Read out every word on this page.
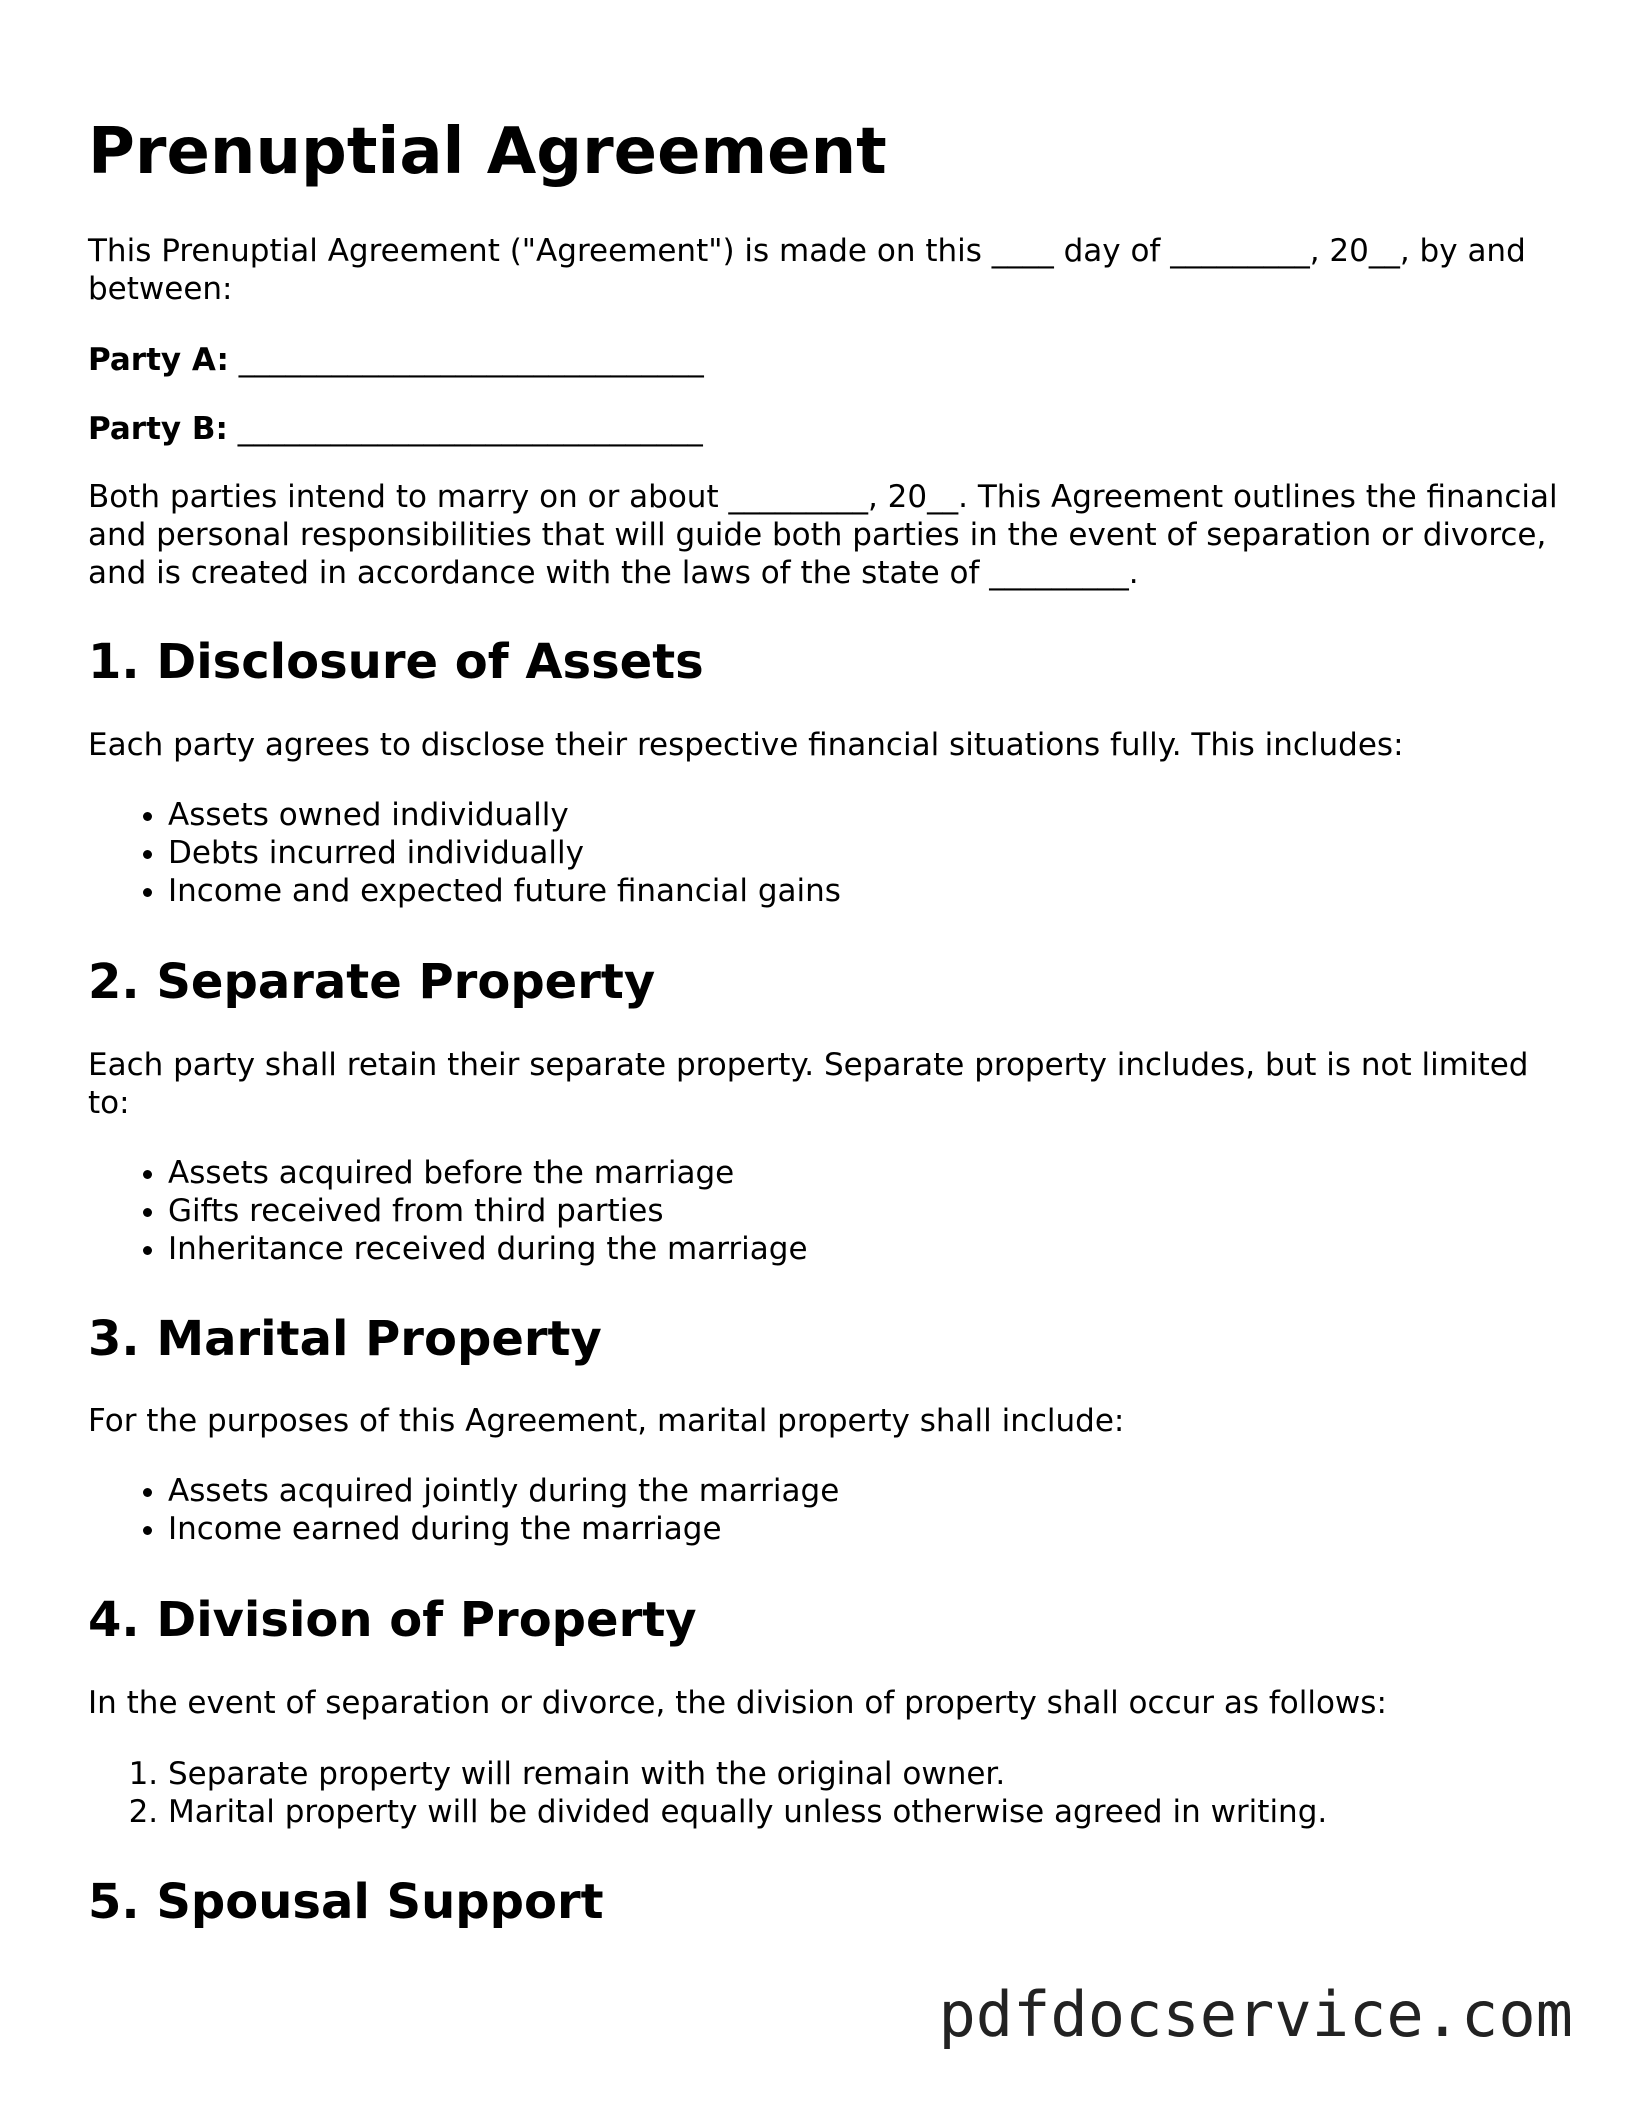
Prenuptial Agreement

This Prenuptial Agreement ("Agreement") is made on this ____ day of _________, 20__, by and between:

Party A: ______________________________

Party B: ______________________________

Both parties intend to marry on or about _________, 20__. This Agreement outlines the financial and personal responsibilities that will guide both parties in the event of separation or divorce, and is created in accordance with the laws of the state of _________.

1. Disclosure of Assets

Each party agrees to disclose their respective financial situations fully. This includes:

• Assets owned individually
• Debts incurred individually
• Income and expected future financial gains
2. Separate Property

Each party shall retain their separate property. Separate property includes, but is not limited to:

• Assets acquired before the marriage
• Gifts received from third parties
• Inheritance received during the marriage
3. Marital Property

For the purposes of this Agreement, marital property shall include:

• Assets acquired jointly during the marriage
• Income earned during the marriage
4. Division of Property

In the event of separation or divorce, the division of property shall occur as follows:

1. Separate property will remain with the original owner.
2. Marital property will be divided equally unless otherwise agreed in writing.
5. Spousal Support
pdfdocservice.com
